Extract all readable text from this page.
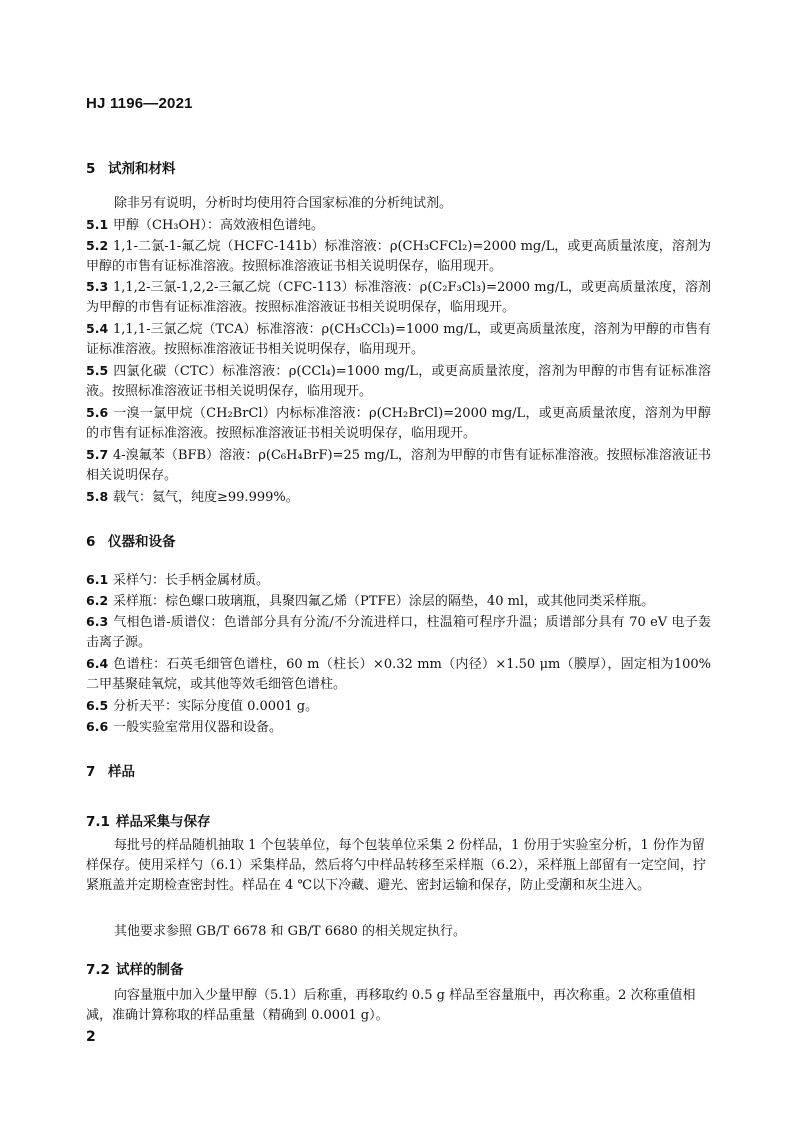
HJ 1196—2021
5 试剂和材料
除非另有说明，分析时均使用符合国家标准的分析纯试剂。
5.1 甲醇（CH₃OH）：高效液相色谱纯。
5.2 1,1-二氯-1-氟乙烷（HCFC-141b）标准溶液：ρ(CH₃CFCl₂)=2000 mg/L，或更高质量浓度，溶剂为甲醇的市售有证标准溶液。按照标准溶液证书相关说明保存，临用现开。
5.3 1,1,2-三氯-1,2,2-三氟乙烷（CFC-113）标准溶液：ρ(C₂F₃Cl₃)=2000 mg/L，或更高质量浓度，溶剂为甲醇的市售有证标准溶液。按照标准溶液证书相关说明保存，临用现开。
5.4 1,1,1-三氯乙烷（TCA）标准溶液：ρ(CH₃CCl₃)=1000 mg/L，或更高质量浓度，溶剂为甲醇的市售有证标准溶液。按照标准溶液证书相关说明保存，临用现开。
5.5 四氯化碳（CTC）标准溶液：ρ(CCl₄)=1000 mg/L，或更高质量浓度，溶剂为甲醇的市售有证标准溶液。按照标准溶液证书相关说明保存，临用现开。
5.6 一溴一氯甲烷（CH₂BrCl）内标标准溶液：ρ(CH₂BrCl)=2000 mg/L，或更高质量浓度，溶剂为甲醇的市售有证标准溶液。按照标准溶液证书相关说明保存，临用现开。
5.7 4-溴氟苯（BFB）溶液：ρ(C₆H₄BrF)=25 mg/L，溶剂为甲醇的市售有证标准溶液。按照标准溶液证书相关说明保存。
5.8 载气：氦气，纯度≥99.999%。
6 仪器和设备
6.1 采样勺：长手柄金属材质。
6.2 采样瓶：棕色螺口玻璃瓶，具聚四氟乙烯（PTFE）涂层的隔垫，40 ml，或其他同类采样瓶。
6.3 气相色谱-质谱仪：色谱部分具有分流/不分流进样口，柱温箱可程序升温；质谱部分具有 70 eV 电子轰击离子源。
6.4 色谱柱：石英毛细管色谱柱，60 m（柱长）×0.32 mm（内径）×1.50 μm（膜厚），固定相为100%二甲基聚硅氧烷，或其他等效毛细管色谱柱。
6.5 分析天平：实际分度值 0.0001 g。
6.6 一般实验室常用仪器和设备。
7 样品
7.1 样品采集与保存
每批号的样品随机抽取 1 个包装单位，每个包装单位采集 2 份样品，1 份用于实验室分析，1 份作为留样保存。使用采样勺（6.1）采集样品，然后将勺中样品转移至采样瓶（6.2），采样瓶上部留有一定空间，拧紧瓶盖并定期检查密封性。样品在 4 ℃以下冷藏、避光、密封运输和保存，防止受潮和灰尘进入。
其他要求参照 GB/T 6678 和 GB/T 6680 的相关规定执行。
7.2 试样的制备
向容量瓶中加入少量甲醇（5.1）后称重，再移取约 0.5 g 样品至容量瓶中，再次称重。2 次称重值相减，准确计算称取的样品重量（精确到 0.0001 g）。
2
